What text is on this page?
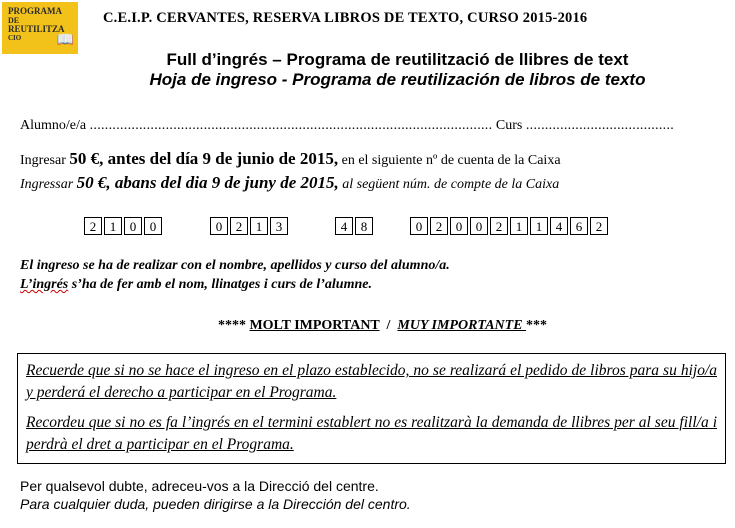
PROGRAMA
DE
REUTILITZA
CIO	📖
C.E.I.P. CERVANTES, RESERVA LIBROS DE TEXTO, CURSO 2015-2016
Full d’ingrés – Programa de reutilització de llibres de text
Hoja de ingreso - Programa de reutilización de libros de texto
Alumno/e/a .......................................................................................................... Curs .......................................
Ingresar 50 €, antes del día 9 de junio de 2015, en el siguiente nº de cuenta de la Caixa
Ingressar 50 €, abans del dia 9 de juny de 2015, al següent núm. de compte de la Caixa
2	1	0	0	0	2	1	3	4	8	0	2	0	0	2	1	1	4	6	2
El ingreso se ha de realizar con el nombre, apellidos y curso del alumno/a.
L’ingrés s’ha de fer amb el nom, llinatges i curs de l’alumne.
**** MOLT IMPORTANT  /  MUY IMPORTANTE ***

Recuerde que si no se hace el ingreso en el plazo establecido, no se realizará el pedido de libros para su hijo/a y perderá el derecho a participar en el Programa.

Recordeu que si no es fa l’ingrés en el termini establert no es realitzarà la demanda de llibres per al seu fill/a i perdrà el dret a participar en el Programa.

Per qualsevol dubte, adreceu-vos a la Direcció del centre.
Para cualquier duda, pueden dirigirse a la Dirección del centro.
